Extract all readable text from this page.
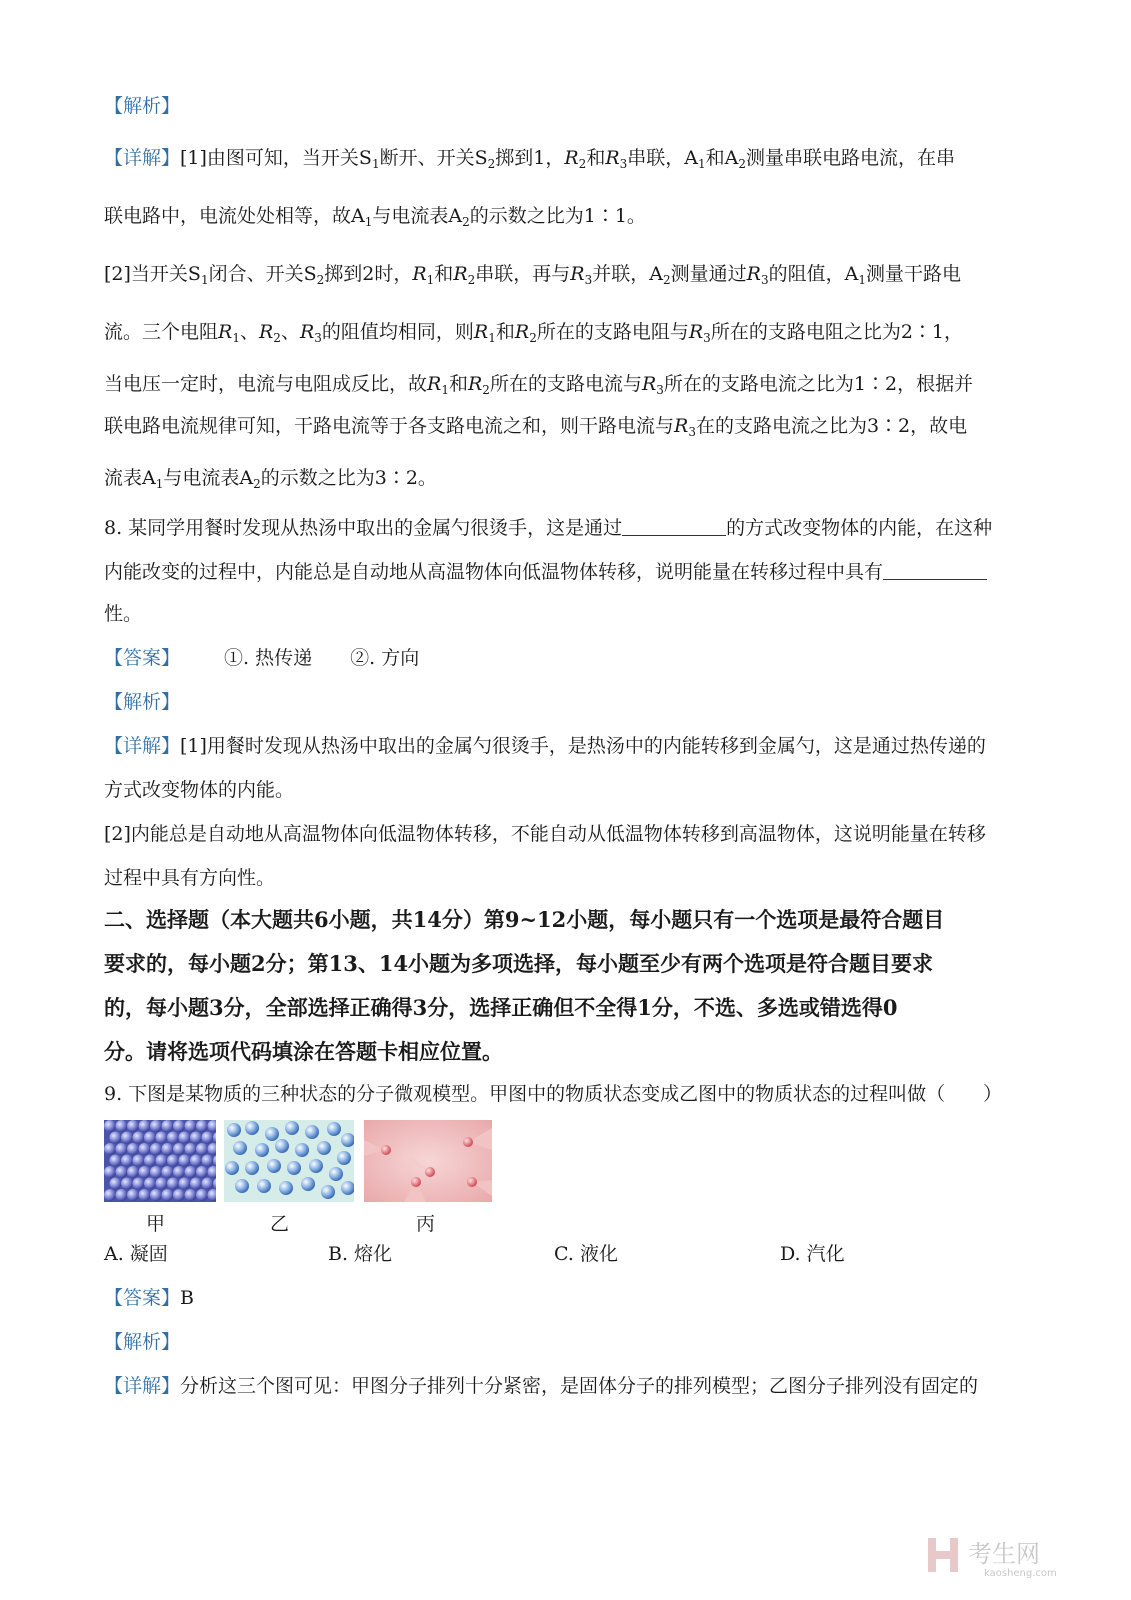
【解析】
【详解】[1]由图可知，当开关$S_1$断开、开关$S_2$掷到1，$R_2$和$R_3$串联，$A_1$和$A_2$测量串联电路电流，在串
联电路中，电流处处相等，故$A_1$与电流表$A_2$的示数之比为1∶1。
[2]当开关$S_1$闭合、开关$S_2$掷到2时，$R_1$和$R_2$串联，再与$R_3$并联，$A_2$测量通过$R_3$的阻值，$A_1$测量干路电
流。三个电阻$R_1$、$R_2$、$R_3$的阻值均相同，则$R_1$和$R_2$所在的支路电阻与$R_3$所在的支路电阻之比为2∶1，
当电压一定时，电流与电阻成反比，故$R_1$和$R_2$所在的支路电流与$R_3$所在的支路电流之比为1∶2，根据并
联电路电流规律可知，干路电流等于各支路电流之和，则干路电流与$R_3$在的支路电流之比为3∶2，故电
流表$A_1$与电流表$A_2$的示数之比为3∶2。
8. 某同学用餐时发现从热汤中取出的金属勺很烫手，这是通过	的方式改变物体的内能，在这种
内能改变的过程中，内能总是自动地从高温物体向低温物体转移，说明能量在转移过程中具有
性。
【答案】 ①. 热传递 ②. 方向
【解析】
【详解】[1]用餐时发现从热汤中取出的金属勺很烫手，是热汤中的内能转移到金属勺，这是通过热传递的
方式改变物体的内能。
[2]内能总是自动地从高温物体向低温物体转移，不能自动从低温物体转移到高温物体，这说明能量在转移
过程中具有方向性。
二、选择题（本大题共6小题，共14分）第9~12小题，每小题只有一个选项是最符合题目
要求的，每小题2分；第13、14小题为多项选择，每小题至少有两个选项是符合题目要求
的，每小题3分，全部选择正确得3分，选择正确但不全得1分，不选、多选或错选得0
分。请将选项代码填涂在答题卡相应位置。
9. 下图是某物质的三种状态的分子微观模型。甲图中的物质状态变成乙图中的物质状态的过程叫做（　　）
甲	乙	丙
A. 凝固	B. 熔化	C. 液化	D. 汽化
【答案】B
【解析】
【详解】分析这三个图可见：甲图分子排列十分紧密，是固体分子的排列模型；乙图分子排列没有固定的
考生网
kaosheng.com
